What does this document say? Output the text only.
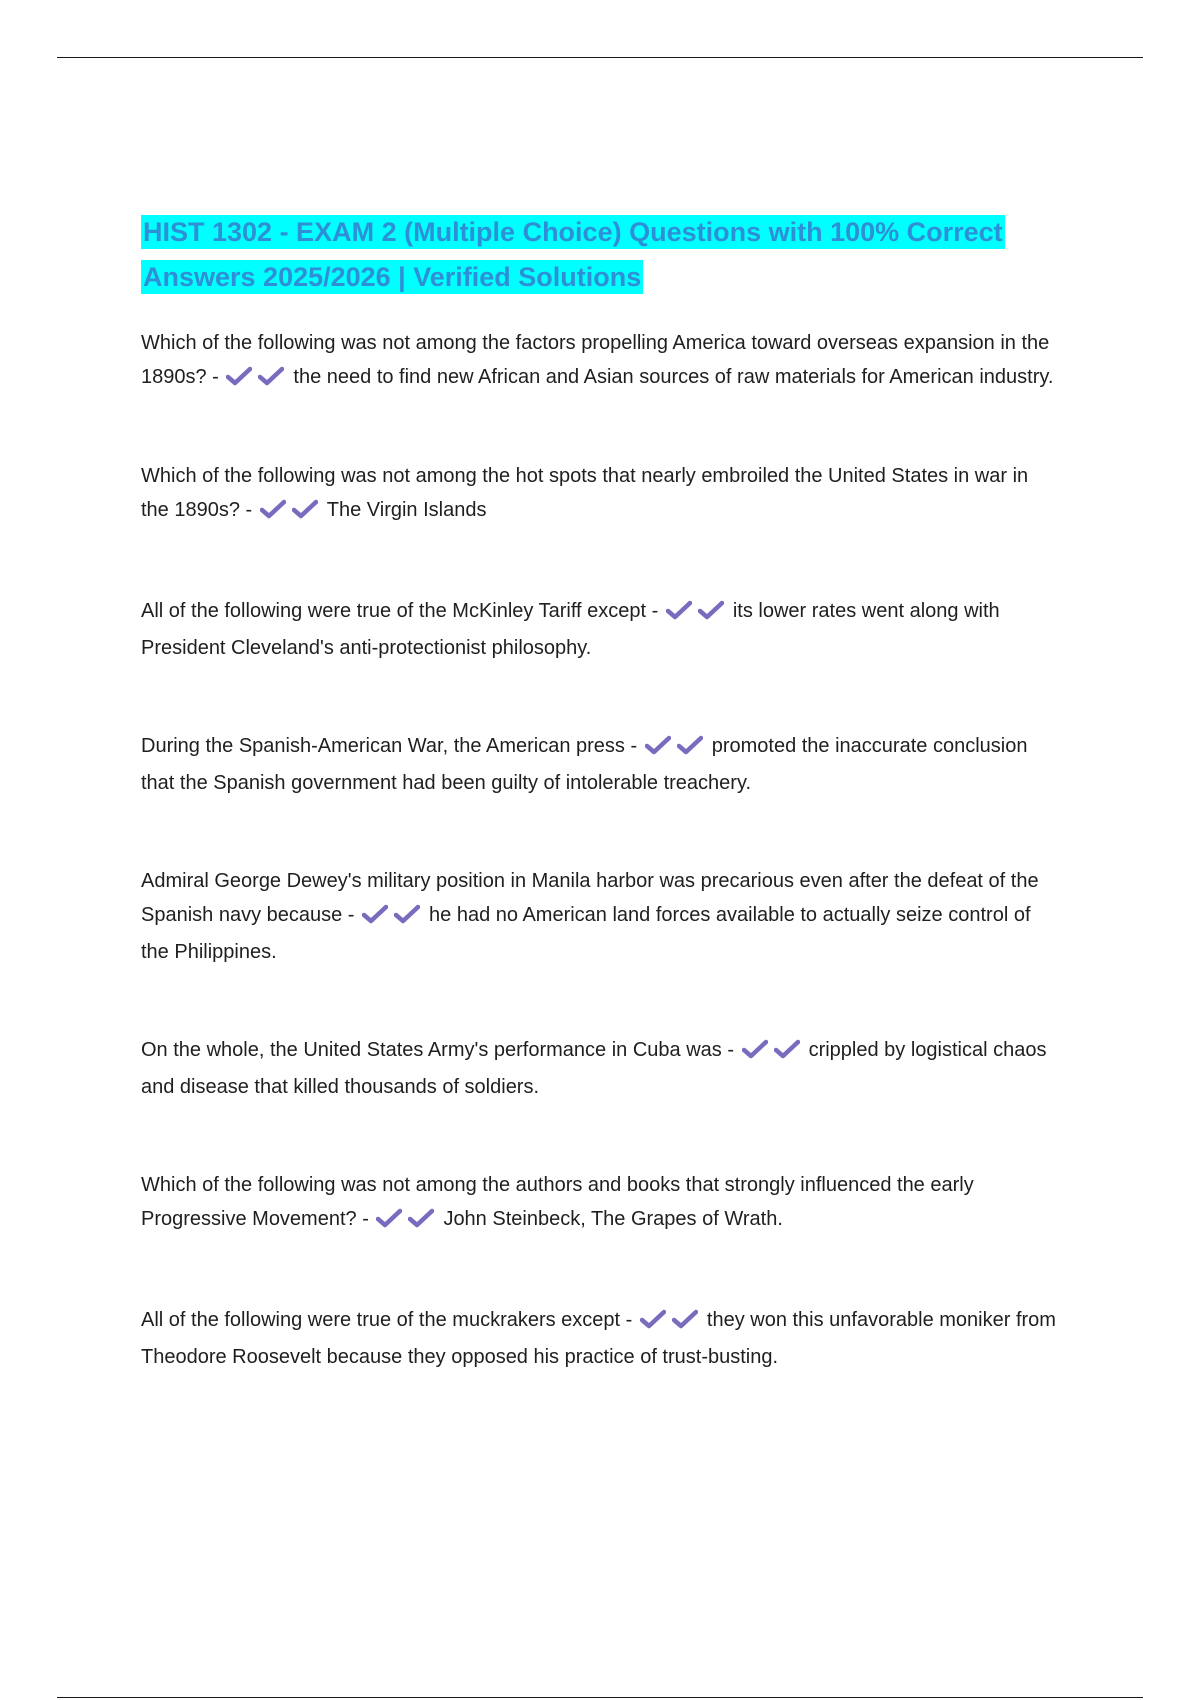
HIST 1302 - EXAM 2 (Multiple Choice) Questions with 100% Correct Answers 2025/2026 | Verified Solutions

Which of the following was not among the factors propelling America toward overseas expansion in the 1890s? -	the need to find new African and Asian sources of raw materials for American industry.

Which of the following was not among the hot spots that nearly embroiled the United States in war in the 1890s? -	The Virgin Islands

All of the following were true of the McKinley Tariff except -	its lower rates went along with President Cleveland's anti-protectionist philosophy.

During the Spanish-American War, the American press -	promoted the inaccurate conclusion that the Spanish government had been guilty of intolerable treachery.

Admiral George Dewey's military position in Manila harbor was precarious even after the defeat of the Spanish navy because -	he had no American land forces available to actually seize control of the Philippines.

On the whole, the United States Army's performance in Cuba was -	crippled by logistical chaos and disease that killed thousands of soldiers.

Which of the following was not among the authors and books that strongly influenced the early Progressive Movement? -	John Steinbeck, The Grapes of Wrath.

All of the following were true of the muckrakers except -	they won this unfavorable moniker from Theodore Roosevelt because they opposed his practice of trust-busting.
